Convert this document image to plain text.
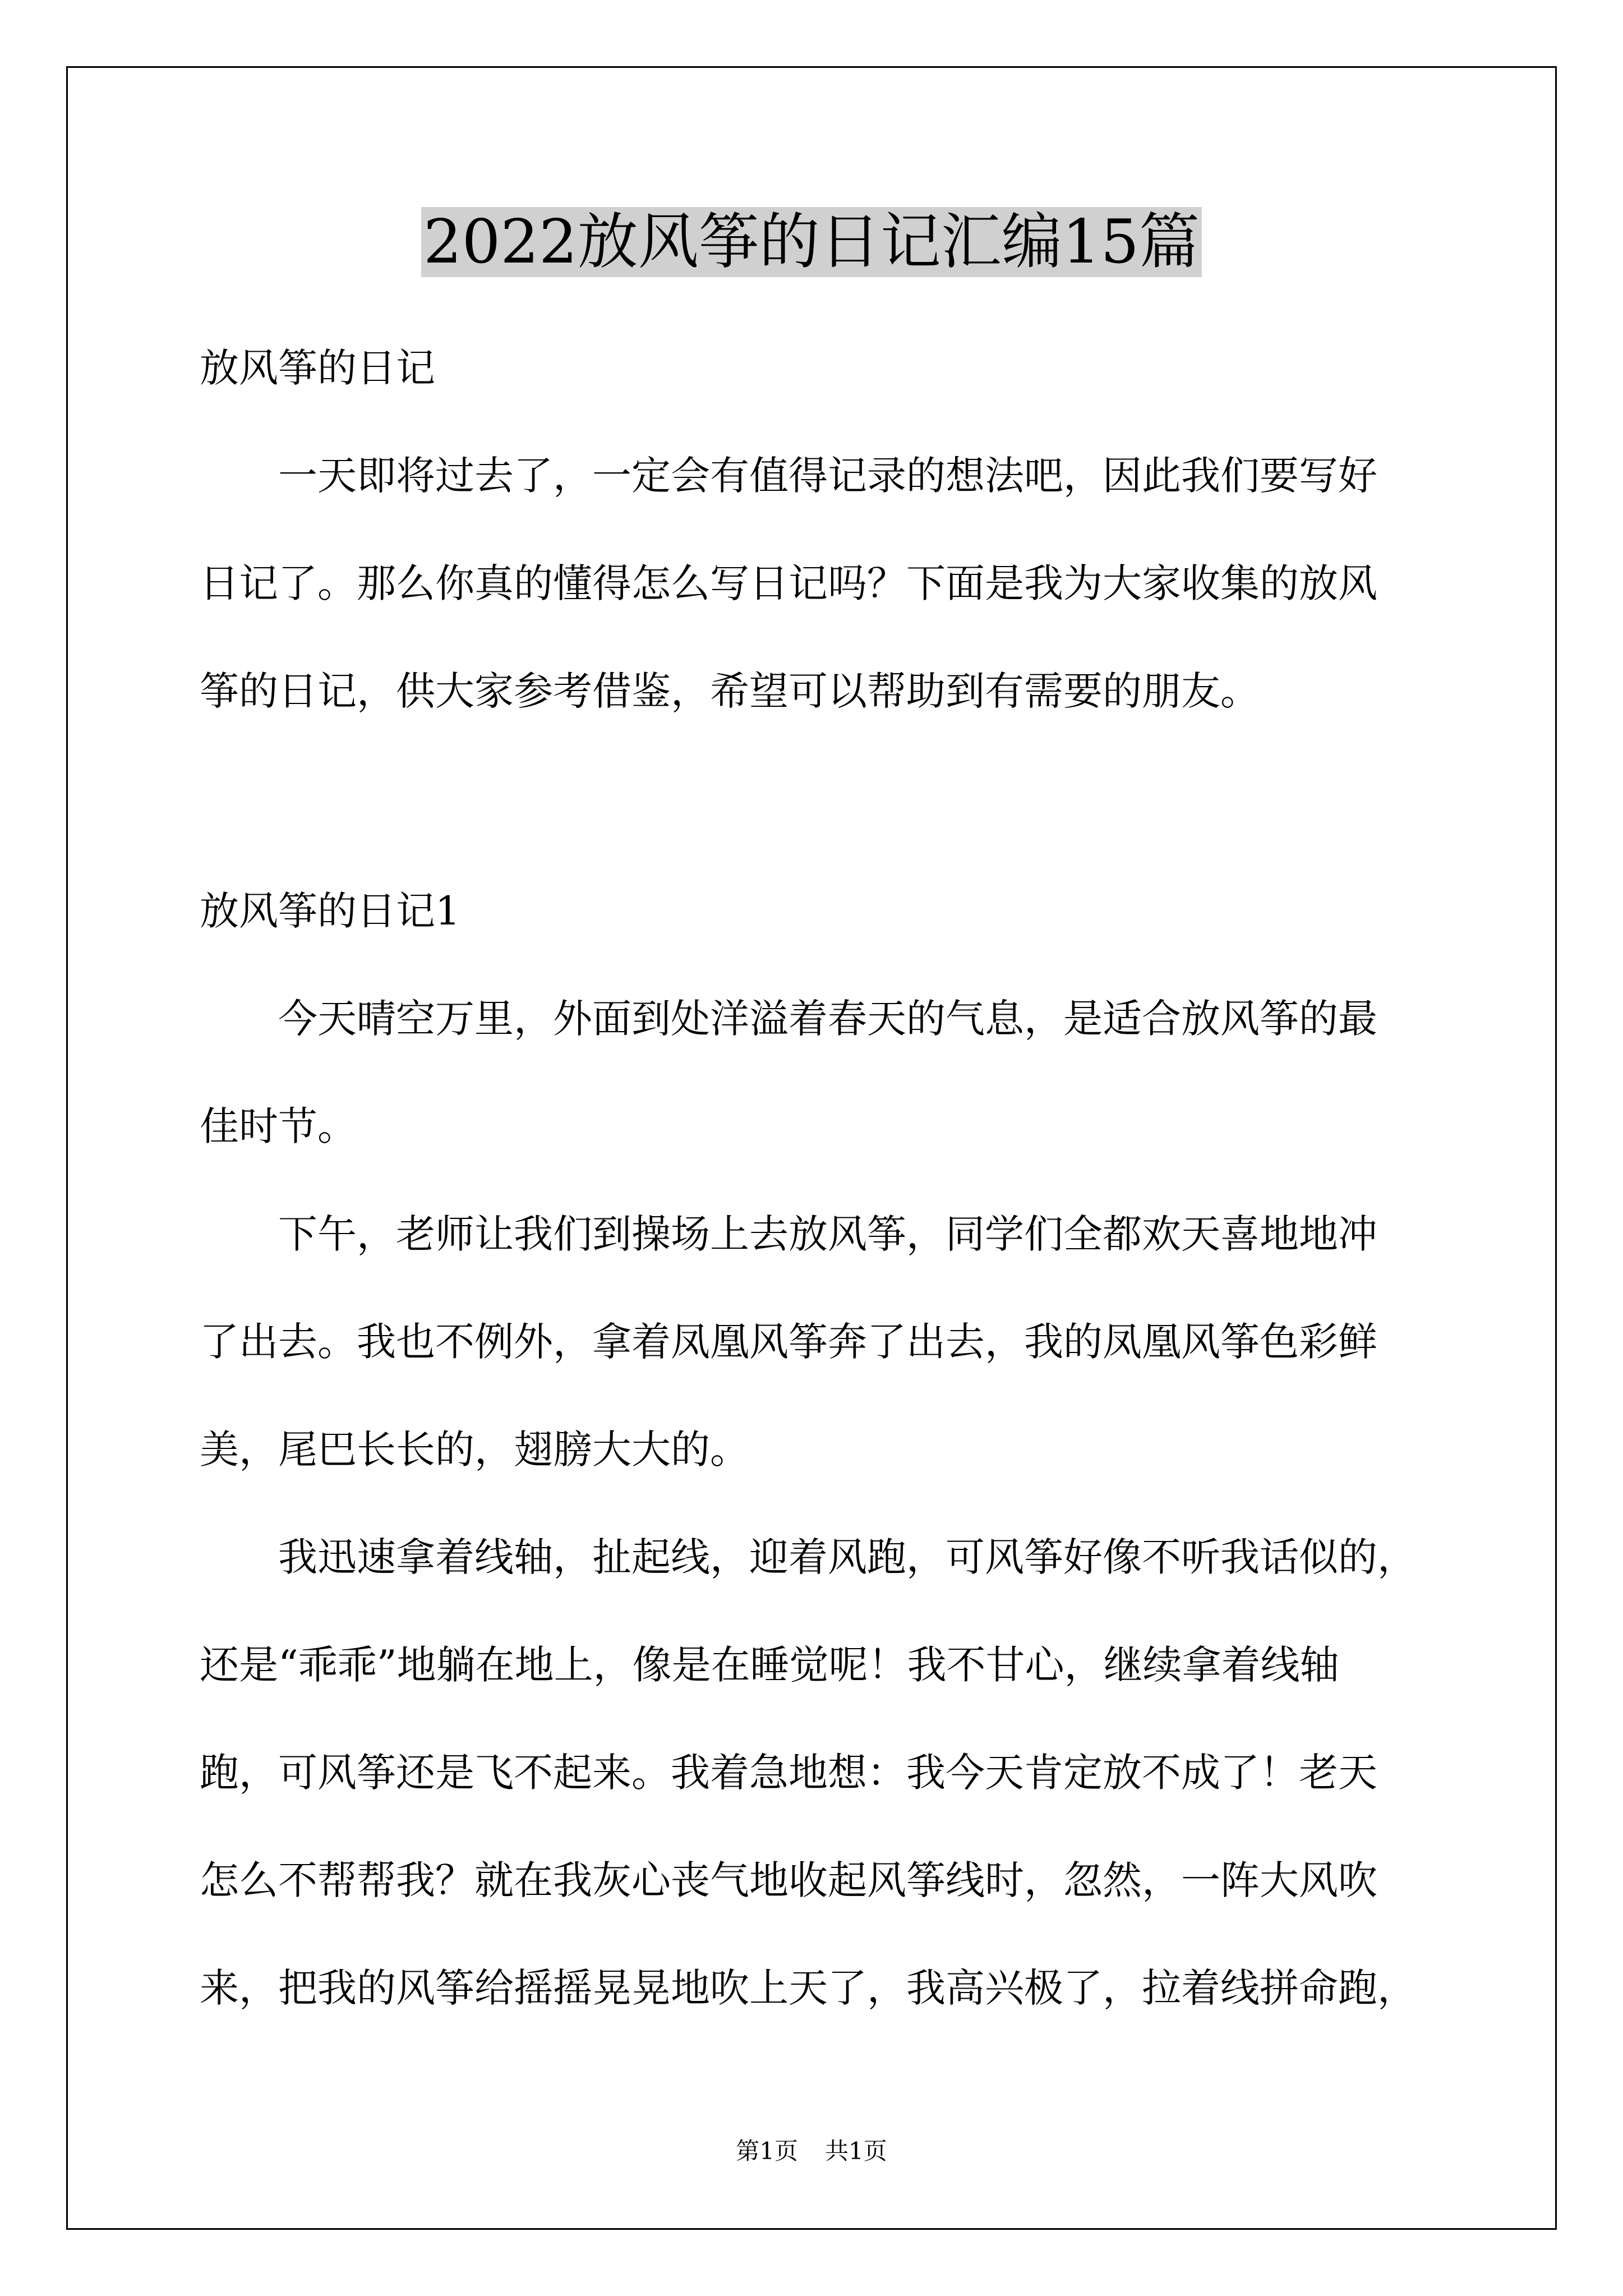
2022放风筝的日记汇编15篇
放风筝的日记
　　一天即将过去了，一定会有值得记录的想法吧，因此我们要写好
日记了。那么你真的懂得怎么写日记吗？下面是我为大家收集的放风
筝的日记，供大家参考借鉴，希望可以帮助到有需要的朋友。
放风筝的日记1
　　今天晴空万里，外面到处洋溢着春天的气息，是适合放风筝的最
佳时节。
　　下午，老师让我们到操场上去放风筝，同学们全都欢天喜地地冲
了出去。我也不例外，拿着凤凰风筝奔了出去，我的凤凰风筝色彩鲜
美，尾巴长长的，翅膀大大的。
　　我迅速拿着线轴，扯起线，迎着风跑，可风筝好像不听我话似的，
还是“乖乖”地躺在地上，像是在睡觉呢！我不甘心，继续拿着线轴
跑，可风筝还是飞不起来。我着急地想：我今天肯定放不成了！老天
怎么不帮帮我？就在我灰心丧气地收起风筝线时，忽然，一阵大风吹
来，把我的风筝给摇摇晃晃地吹上天了，我高兴极了，拉着线拼命跑，
第1页 共1页
